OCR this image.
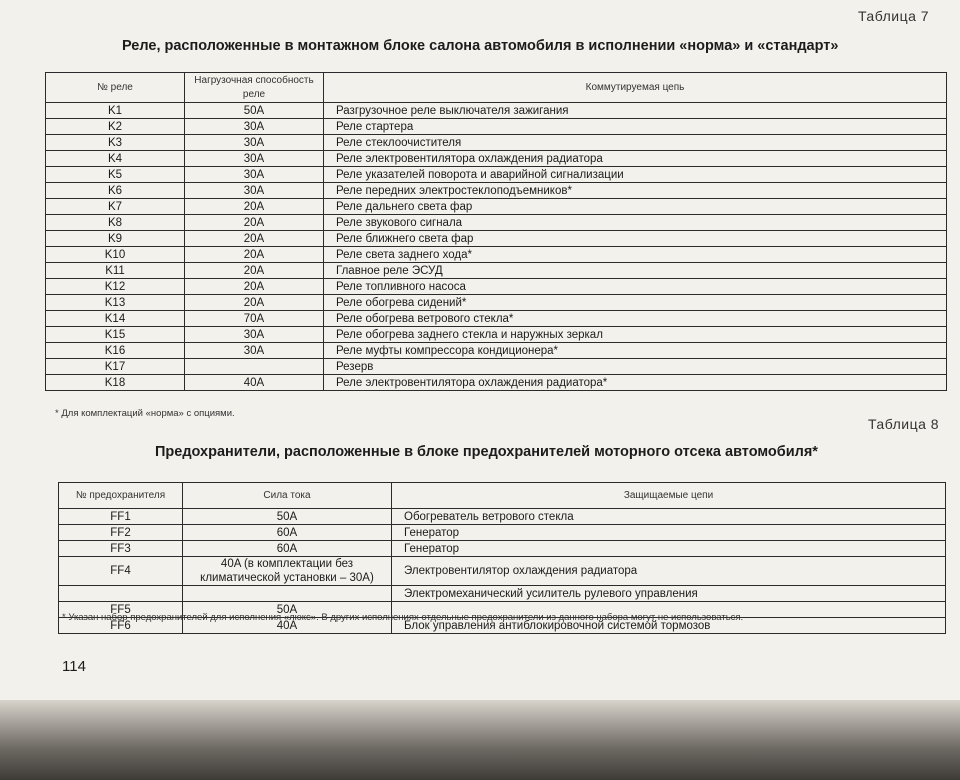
Таблица 7
Реле, расположенные в монтажном блоке салона автомобиля в исполнении «норма» и «стандарт»
№ реле	Нагрузочная способность реле	Коммутируемая цепь
K1	50A	Разгрузочное реле выключателя зажигания
K2	30A	Реле стартера
K3	30A	Реле стеклоочистителя
K4	30A	Реле электровентилятора охлаждения радиатора
K5	30A	Реле указателей поворота и аварийной сигнализации
K6	30A	Реле передних электростеклоподъемников*
K7	20A	Реле дальнего света фар
K8	20A	Реле звукового сигнала
K9	20A	Реле ближнего света фар
K10	20A	Реле света заднего хода*
K11	20A	Главное реле ЭСУД
K12	20A	Реле топливного насоса
K13	20A	Реле обогрева сидений*
K14	70A	Реле обогрева ветрового стекла*
K15	30A	Реле обогрева заднего стекла и наружных зеркал
K16	30A	Реле муфты компрессора кондиционера*
K17		Резерв
K18	40A	Реле электровентилятора охлаждения радиатора*
* Для комплектаций «норма» с опциями.
Таблица 8
Предохранители, расположенные в блоке предохранителей моторного отсека автомобиля*
№ предохранителя	Сила тока	Защищаемые цепи
FF1	50A	Обогреватель ветрового стекла
FF2	60A	Генератор
FF3	60A	Генератор
FF4	40A (в комплектации без климатической установки – 30A)	Электровентилятор охлаждения радиатора
		Электромеханический усилитель рулевого управления
FF5	50A	
FF6	40A	Блок управления антиблокировочной системой тормозов
* Указан набор предохранителей для исполнения «люкс». В других исполнениях отдельные предохранители из данного набора могут не использоваться.
114
